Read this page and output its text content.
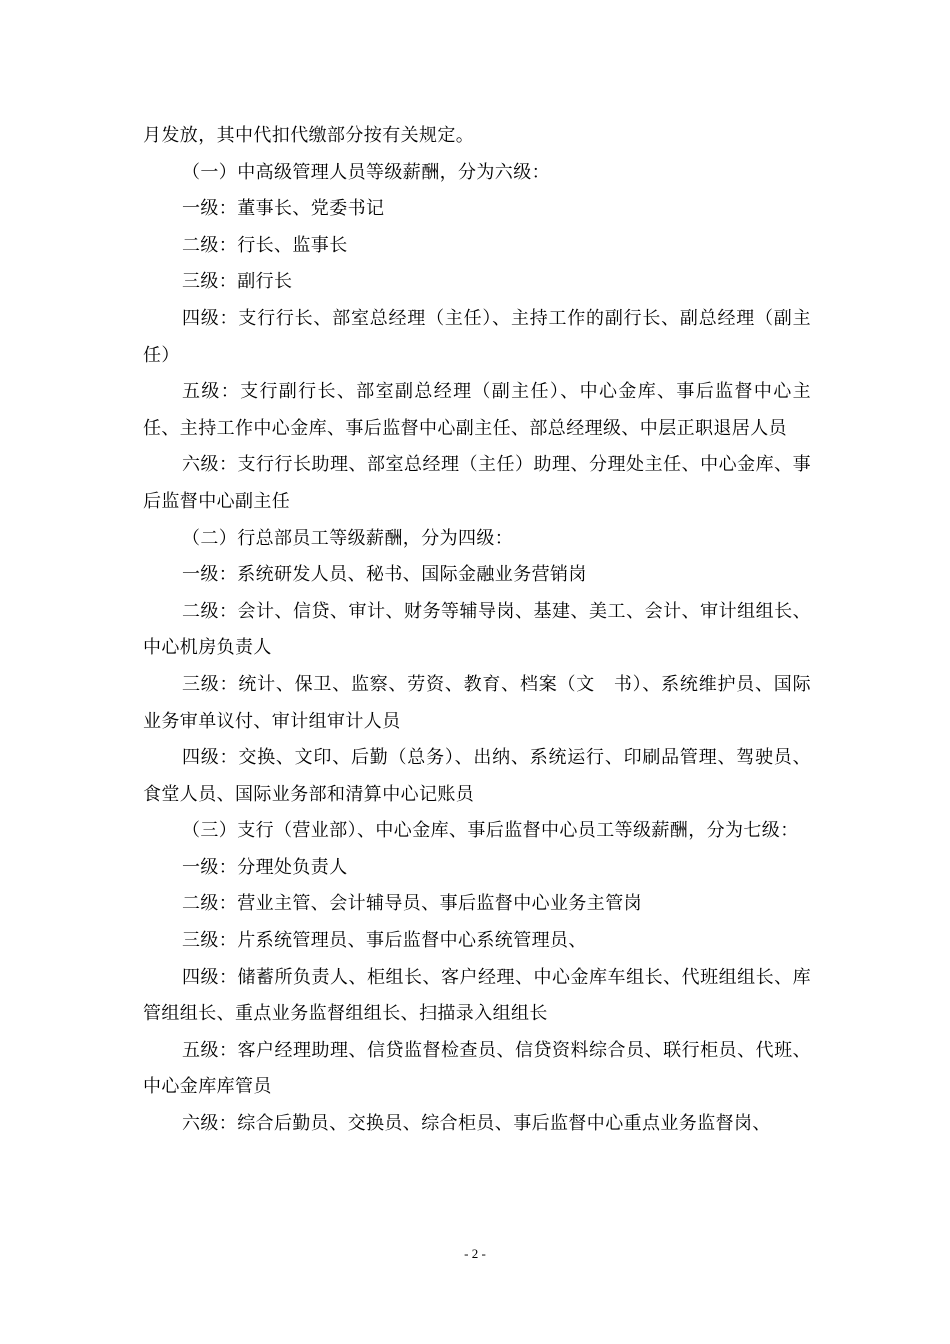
月发放，其中代扣代缴部分按有关规定。

（一）中高级管理人员等级薪酬，分为六级：

一级：董事长、党委书记

二级：行长、监事长

三级：副行长

四级：支行行长、部室总经理（主任）、主持工作的副行长、副总经理（副主任）

五级：支行副行长、部室副总经理（副主任）、中心金库、事后监督中心主任、主持工作中心金库、事后监督中心副主任、部总经理级、中层正职退居人员

六级：支行行长助理、部室总经理（主任）助理、分理处主任、中心金库、事后监督中心副主任

（二）行总部员工等级薪酬，分为四级：

一级：系统研发人员、秘书、国际金融业务营销岗

二级：会计、信贷、审计、财务等辅导岗、基建、美工、会计、审计组组长、中心机房负责人

三级：统计、保卫、监察、劳资、教育、档案（文　书）、系统维护员、国际业务审单议付、审计组审计人员

四级：交换、文印、后勤（总务）、出纳、系统运行、印刷品管理、驾驶员、食堂人员、国际业务部和清算中心记账员

（三）支行（营业部）、中心金库、事后监督中心员工等级薪酬，分为七级：

一级：分理处负责人

二级：营业主管、会计辅导员、事后监督中心业务主管岗

三级：片系统管理员、事后监督中心系统管理员、

四级：储蓄所负责人、柜组长、客户经理、中心金库车组长、代班组组长、库管组组长、重点业务监督组组长、扫描录入组组长

五级：客户经理助理、信贷监督检查员、信贷资料综合员、联行柜员、代班、中心金库库管员

六级：综合后勤员、交换员、综合柜员、事后监督中心重点业务监督岗、

- 2 -
